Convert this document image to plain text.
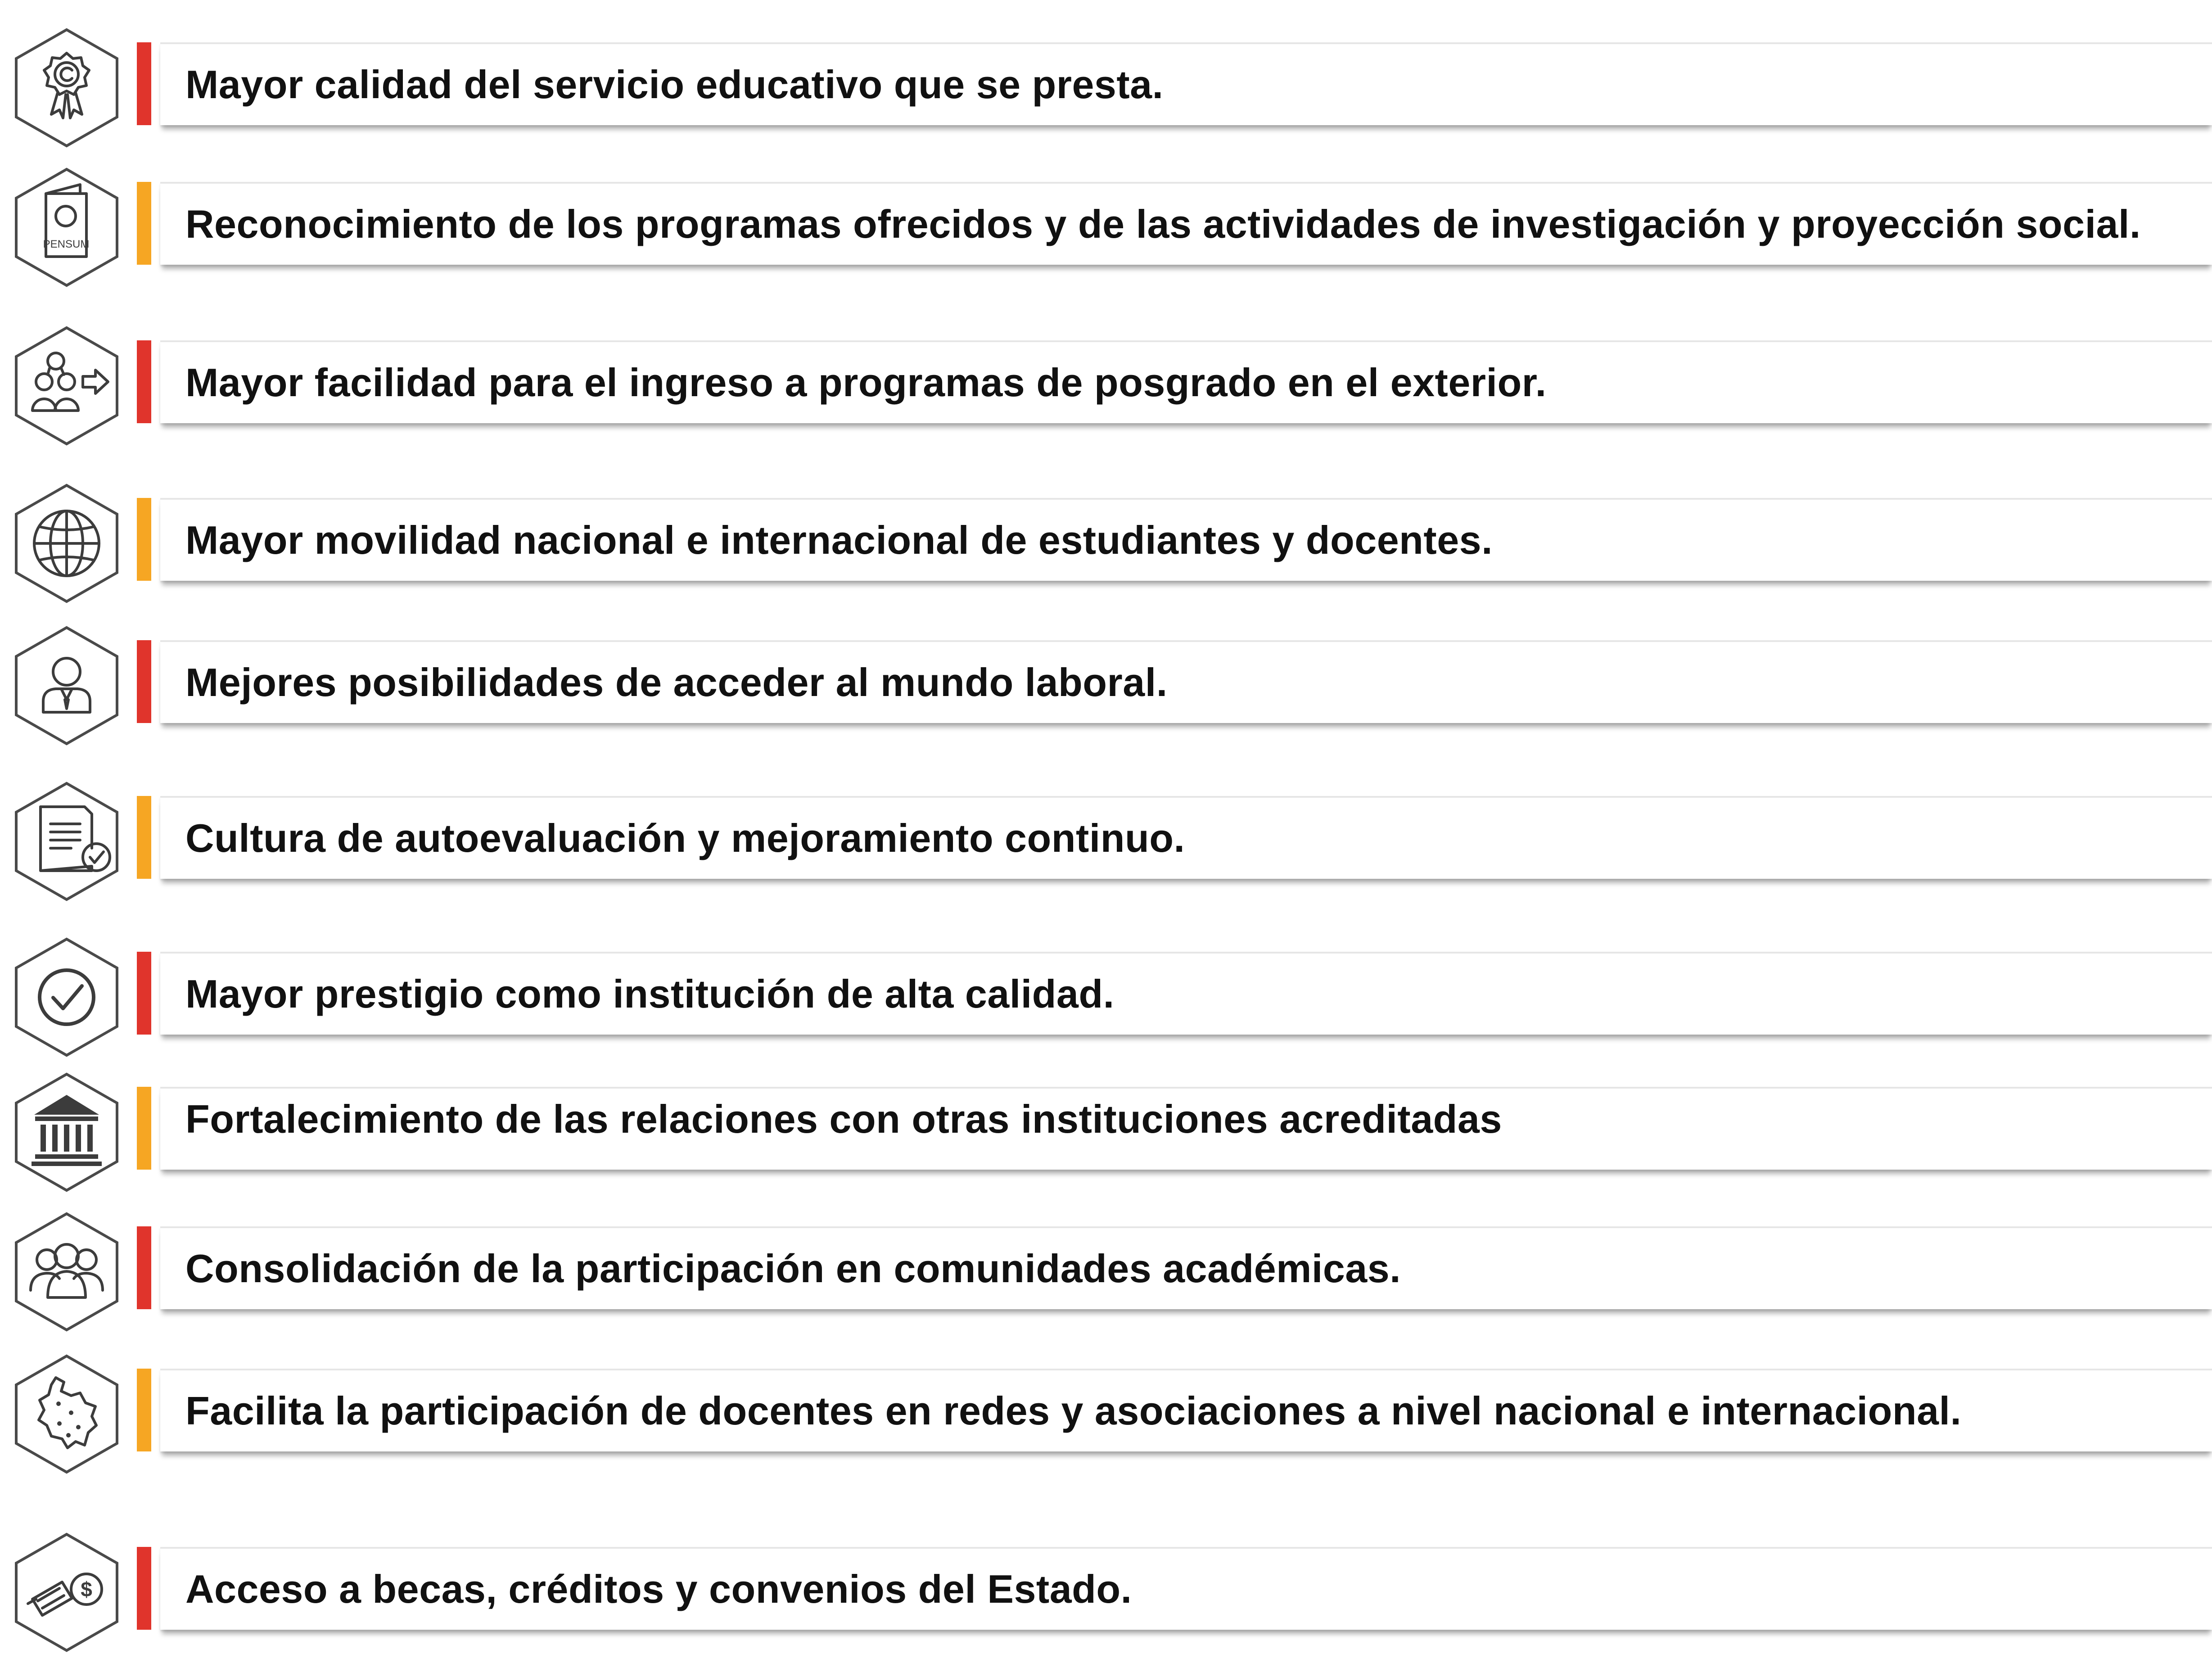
Mayor calidad del servicio educativo que se presta.
PENSUM Reconocimiento de los programas ofrecidos y de las actividades de investigación y proyección social.
Mayor facilidad para el ingreso a programas de posgrado en el exterior.
Mayor movilidad nacional e internacional de estudiantes y docentes.
Mejores posibilidades de acceder al mundo laboral.
Cultura de autoevaluación y mejoramiento continuo.
Mayor prestigio como institución de alta calidad.
Fortalecimiento de las relaciones con otras instituciones acreditadas
Consolidación de la participación en comunidades académicas.
Facilita la participación de docentes en redes y asociaciones a nivel nacional e internacional.
$ Acceso a becas, créditos y convenios del Estado.
